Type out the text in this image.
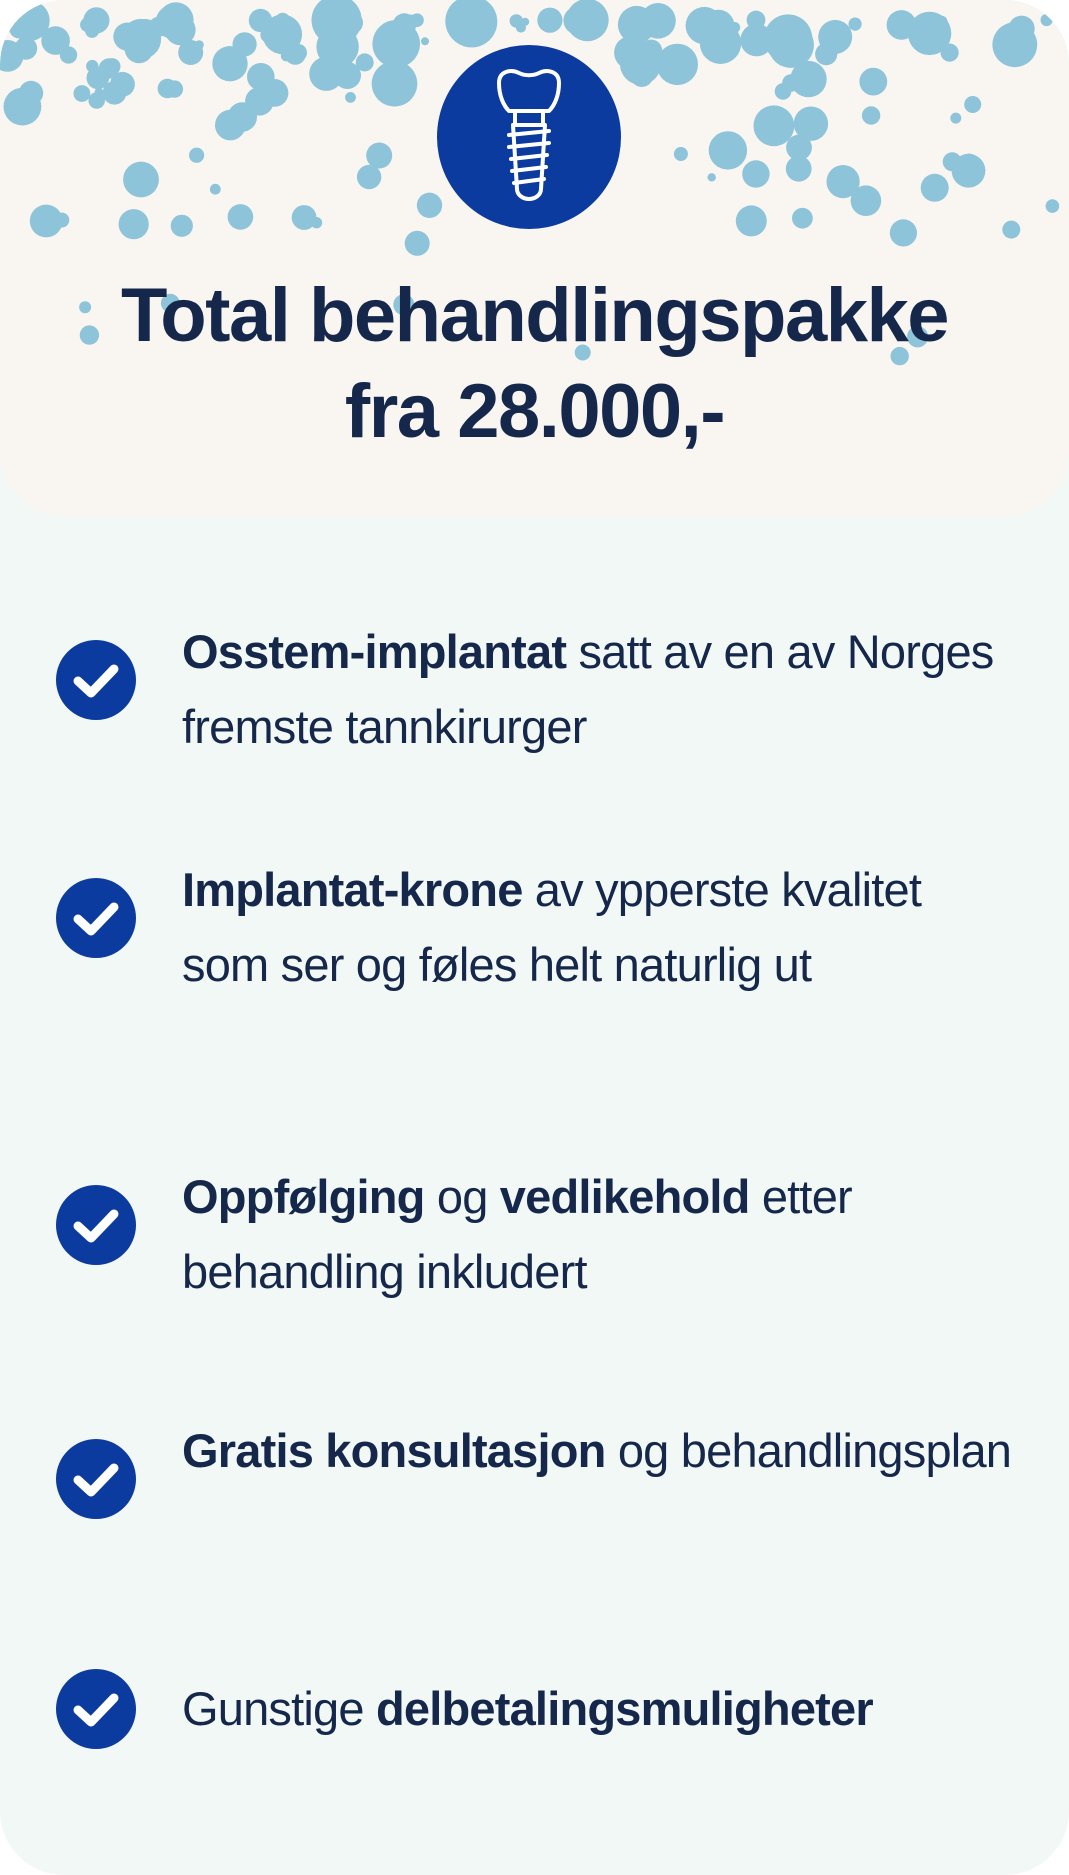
Total behandlingspakke
fra 28.000,-

Osstem-implantat satt av en av Norges fremste tannkirurger

Implantat-krone av ypperste kvalitet som ser og føles helt naturlig ut

Oppfølging og vedlikehold etter behandling inkludert

Gratis konsultasjon og behandlingsplan

Gunstige delbetalingsmuligheter
